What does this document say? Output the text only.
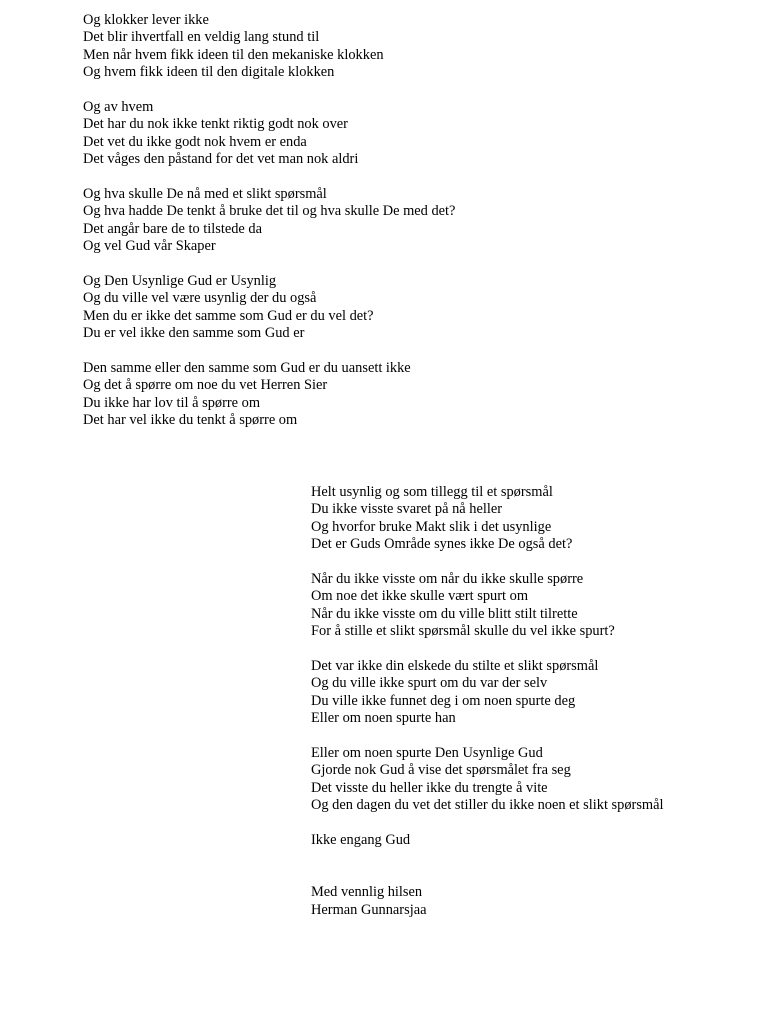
Og klokker lever ikke
Det blir ihvertfall en veldig lang stund til
Men når hvem fikk ideen til den mekaniske klokken
Og hvem fikk ideen til den digitale klokken
Og av hvem
Det har du nok ikke tenkt riktig godt nok over
Det vet du ikke godt nok hvem er enda
Det våges den påstand for det vet man nok aldri
Og hva skulle De nå med et slikt spørsmål
Og hva hadde De tenkt å bruke det til og hva skulle De med det?
Det angår bare de to tilstede da
Og vel Gud vår Skaper
Og Den Usynlige Gud er Usynlig
Og du ville vel være usynlig der du også
Men du er ikke det samme som Gud er du vel det?
Du er vel ikke den samme som Gud er
Den samme eller den samme som Gud er du uansett ikke
Og det å spørre om noe du vet Herren Sier
Du ikke har lov til å spørre om
Det har vel ikke du tenkt å spørre om
Helt usynlig og som tillegg til et spørsmål
Du ikke visste svaret på nå heller
Og hvorfor bruke Makt slik i det usynlige
Det er Guds Område synes ikke De også det?
Når du ikke visste om når du ikke skulle spørre
Om noe det ikke skulle vært spurt om
Når du ikke visste om du ville blitt stilt tilrette
For å stille et slikt spørsmål skulle du vel ikke spurt?
Det var ikke din elskede du stilte et slikt spørsmål
Og du ville ikke spurt om du var der selv
Du ville ikke funnet deg i om noen spurte deg
Eller om noen spurte han
Eller om noen spurte Den Usynlige Gud
Gjorde nok Gud å vise det spørsmålet fra seg
Det visste du heller ikke du trengte å vite
Og den dagen du vet det stiller du ikke noen et slikt spørsmål
Ikke engang Gud
Med vennlig hilsen
Herman Gunnarsjaa
